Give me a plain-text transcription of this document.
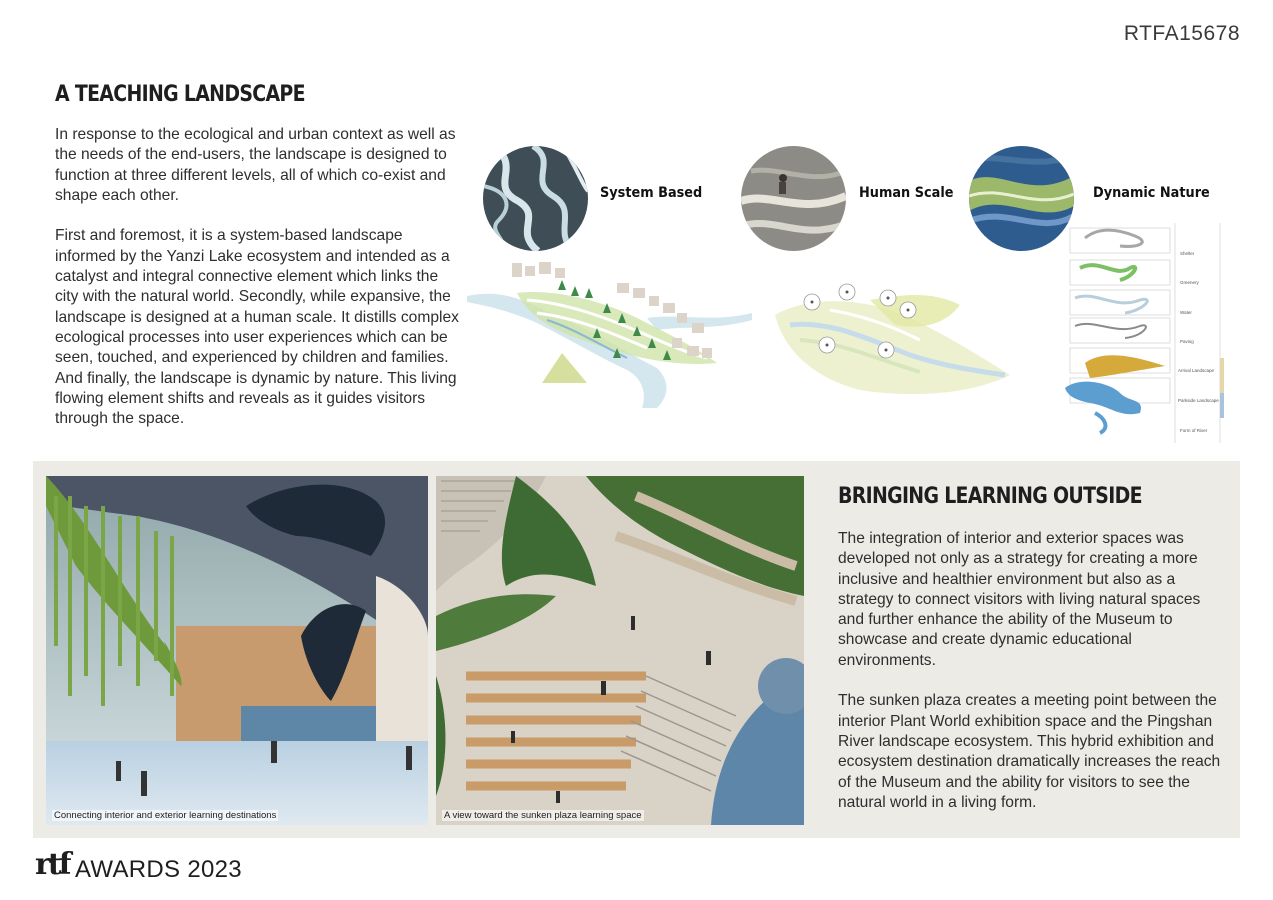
RTFA15678
A TEACHING LANDSCAPE

In response to the ecological and urban context as well as the needs of the end-users, the landscape is designed to function at three different levels, all of which co-exist and shape each other.

First and foremost, it is a system-based landscape informed by the Yanzi Lake ecosystem and intended as a catalyst and integral connective element which links the city with the natural world. Secondly, while expansive, the landscape is designed at a human scale. It distills complex ecological processes into user experiences which can be seen, touched, and experienced by children and families. And finally, the landscape is dynamic by nature. This living flowing element shifts and reveals as it guides visitors through the space.

System Based	Human Scale	Dynamic Nature
Shelter
Greenery
Water
Paving
Arrival Landscape
Parkside Landscape
Form of River
Connecting interior and exterior learning destinations	A view toward the sunken plaza learning space
BRINGING LEARNING OUTSIDE

The integration of interior and exterior spaces was developed not only as a strategy for creating a more inclusive and healthier environment but also as a strategy to connect visitors with living natural spaces and further enhance the ability of the Museum to showcase and create dynamic educational environments.

The sunken plaza creates a meeting point between the interior Plant World exhibition space and the Pingshan River landscape ecosystem. This hybrid exhibition and ecosystem destination dramatically increases the reach of the Museum and the ability for visitors to see the natural world in a living form.

rtf AWARDS 2023
